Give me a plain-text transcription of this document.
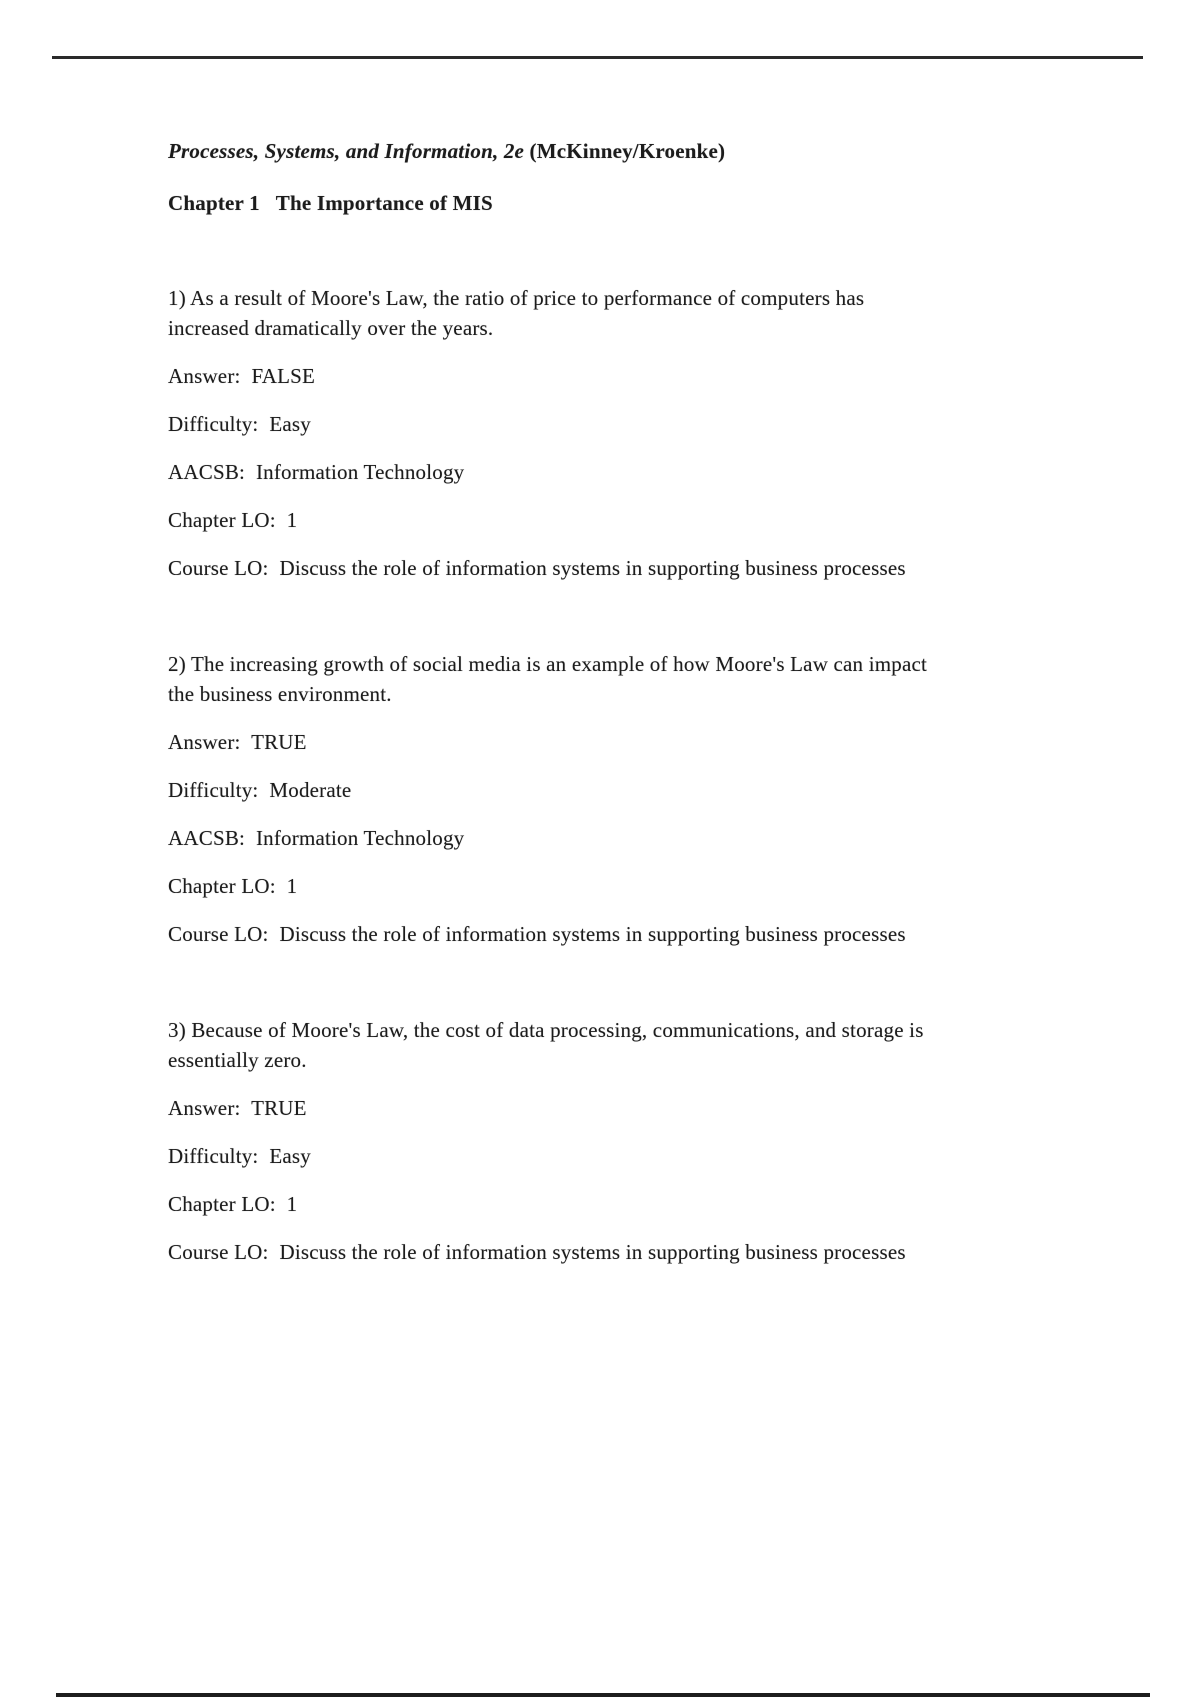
Processes, Systems, and Information, 2e (McKinney/Kroenke)
Chapter 1   The Importance of MIS
1) As a result of Moore's Law, the ratio of price to performance of computers has
increased dramatically over the years.
Answer:  FALSE
Difficulty:  Easy
AACSB:  Information Technology
Chapter LO:  1
Course LO:  Discuss the role of information systems in supporting business processes
2) The increasing growth of social media is an example of how Moore's Law can impact
the business environment.
Answer:  TRUE
Difficulty:  Moderate
AACSB:  Information Technology
Chapter LO:  1
Course LO:  Discuss the role of information systems in supporting business processes
3) Because of Moore's Law, the cost of data processing, communications, and storage is
essentially zero.
Answer:  TRUE
Difficulty:  Easy
Chapter LO:  1
Course LO:  Discuss the role of information systems in supporting business processes
